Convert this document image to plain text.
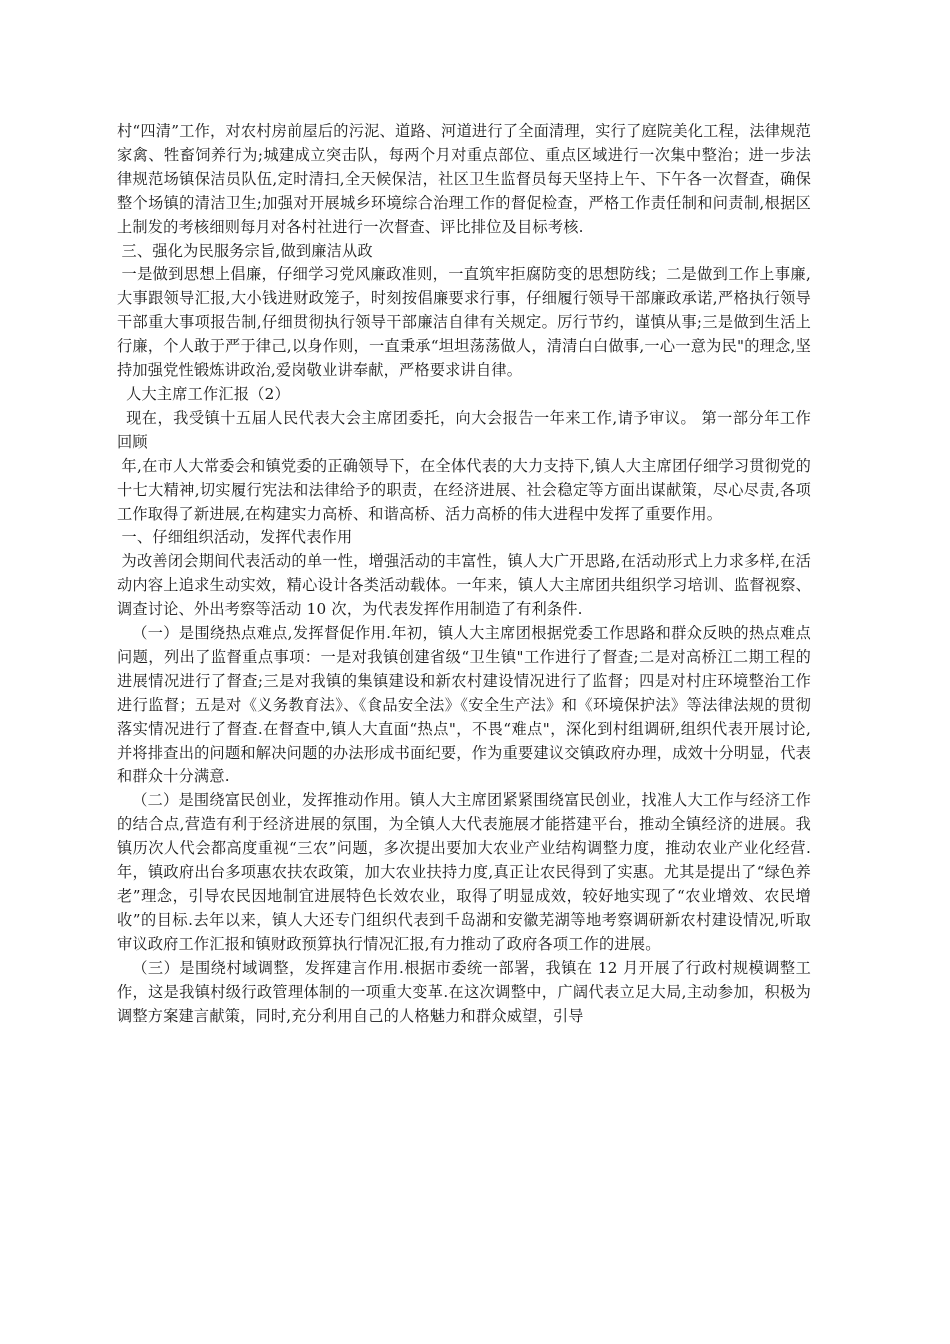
村“四清”工作，对农村房前屋后的污泥、道路、河道进行了全面清理，实行了庭院美化工程，法律规范家禽、牲畜饲养行为;城建成立突击队，每两个月对重点部位、重点区域进行一次集中整治；进一步法律规范场镇保洁员队伍,定时清扫,全天候保洁，社区卫生监督员每天坚持上午、下午各一次督查，确保整个场镇的清洁卫生;加强对开展城乡环境综合治理工作的督促检查，严格工作责任制和问责制,根据区上制发的考核细则每月对各村社进行一次督查、评比排位及目标考核.

三、强化为民服务宗旨,做到廉洁从政

一是做到思想上倡廉，仔细学习党风廉政准则，一直筑牢拒腐防变的思想防线；二是做到工作上事廉,大事跟领导汇报,大小钱进财政笼子，时刻按倡廉要求行事，仔细履行领导干部廉政承诺,严格执行领导干部重大事项报告制,仔细贯彻执行领导干部廉洁自律有关规定。厉行节约，谨慎从事;三是做到生活上行廉，个人敢于严于律己,以身作则，一直秉承“坦坦荡荡做人，清清白白做事,一心一意为民"的理念,坚持加强党性锻炼讲政治,爱岗敬业讲奉献，严格要求讲自律。

人大主席工作汇报（2）

现在，我受镇十五届人民代表大会主席团委托，向大会报告一年来工作,请予审议。 第一部分年工作回顾

年,在市人大常委会和镇党委的正确领导下，在全体代表的大力支持下,镇人大主席团仔细学习贯彻党的十七大精神,切实履行宪法和法律给予的职责，在经济进展、社会稳定等方面出谋献策，尽心尽责,各项工作取得了新进展,在构建实力高桥、和谐高桥、活力高桥的伟大进程中发挥了重要作用。

一、仔细组织活动，发挥代表作用

为改善闭会期间代表活动的单一性，增强活动的丰富性，镇人大广开思路,在活动形式上力求多样,在活动内容上追求生动实效，精心设计各类活动载体。一年来，镇人大主席团共组织学习培训、监督视察、调查讨论、外出考察等活动 10 次，为代表发挥作用制造了有利条件.

（一）是围绕热点难点,发挥督促作用.年初，镇人大主席团根据党委工作思路和群众反映的热点难点问题，列出了监督重点事项：一是对我镇创建省级“卫生镇"工作进行了督查;二是对高桥江二期工程的进展情况进行了督查;三是对我镇的集镇建设和新农村建设情况进行了监督；四是对村庄环境整治工作进行监督；五是对《义务教育法》、《食品安全法》《安全生产法》和《环境保护法》等法律法规的贯彻落实情况进行了督查.在督查中,镇人大直面“热点"，不畏“难点"，深化到村组调研,组织代表开展讨论,并将排查出的问题和解决问题的办法形成书面纪要，作为重要建议交镇政府办理，成效十分明显，代表和群众十分满意.

（二）是围绕富民创业，发挥推动作用。镇人大主席团紧紧围绕富民创业，找准人大工作与经济工作的结合点,营造有利于经济进展的氛围，为全镇人大代表施展才能搭建平台，推动全镇经济的进展。我镇历次人代会都高度重视“三农”问题，多次提出要加大农业产业结构调整力度，推动农业产业化经营.年，镇政府出台多项惠农扶农政策，加大农业扶持力度,真正让农民得到了实惠。尤其是提出了“绿色养老”理念，引导农民因地制宜进展特色长效农业，取得了明显成效，较好地实现了“农业增效、农民增收”的目标.去年以来，镇人大还专门组织代表到千岛湖和安徽芜湖等地考察调研新农村建设情况,听取审议政府工作汇报和镇财政预算执行情况汇报,有力推动了政府各项工作的进展。

（三）是围绕村域调整，发挥建言作用.根据市委统一部署，我镇在 12 月开展了行政村规模调整工作，这是我镇村级行政管理体制的一项重大变革.在这次调整中，广阔代表立足大局,主动参加，积极为调整方案建言献策，同时,充分利用自己的人格魅力和群众威望，引导
